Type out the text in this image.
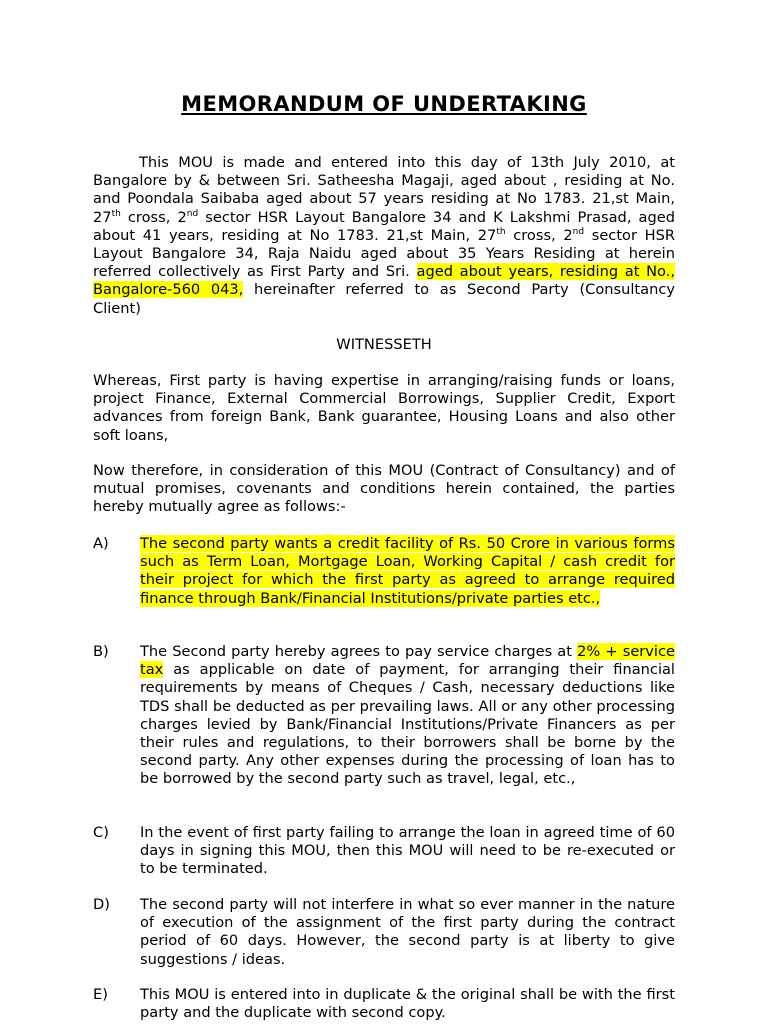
MEMORANDUM OF UNDERTAKING
This MOU is made and entered into this day of 13th July 2010, at Bangalore by & between Sri. Satheesha Magaji, aged about , residing at No. and Poondala Saibaba aged about 57 years residing at No 1783. 21,st Main, 27th cross, 2nd sector HSR Layout Bangalore 34 and K Lakshmi Prasad, aged about 41 years, residing at No 1783. 21,st Main, 27th cross, 2nd sector HSR Layout Bangalore 34, Raja Naidu aged about 35 Years Residing at herein referred collectively as First Party and Sri. aged about years, residing at No., Bangalore-560 043, hereinafter referred to as Second Party (Consultancy Client)
WITNESSETH
Whereas, First party is having expertise in arranging/raising funds or loans, project Finance, External Commercial Borrowings, Supplier Credit, Export advances from foreign Bank, Bank guarantee, Housing Loans and also other soft loans,
Now therefore, in consideration of this MOU (Contract of Consultancy) and of mutual promises, covenants and conditions herein contained, the parties hereby mutually agree as follows:-
A)	The second party wants a credit facility of Rs. 50 Crore in various forms such as Term Loan, Mortgage Loan, Working Capital / cash credit for their project for which the first party as agreed to arrange required finance through Bank/Financial Institutions/private parties etc.,
B)	The Second party hereby agrees to pay service charges at 2% + service tax as applicable on date of payment, for arranging their financial requirements by means of Cheques / Cash, necessary deductions like TDS shall be deducted as per prevailing laws. All or any other processing charges levied by Bank/Financial Institutions/Private Financers as per their rules and regulations, to their borrowers shall be borne by the second party. Any other expenses during the processing of loan has to be borrowed by the second party such as travel, legal, etc.,
C)	In the event of first party failing to arrange the loan in agreed time of 60 days in signing this MOU, then this MOU will need to be re-executed or to be terminated.
D)	The second party will not interfere in what so ever manner in the nature of execution of the assignment of the first party during the contract period of 60 days. However, the second party is at liberty to give suggestions / ideas.
E)	This MOU is entered into in duplicate & the original shall be with the first party and the duplicate with second copy.
